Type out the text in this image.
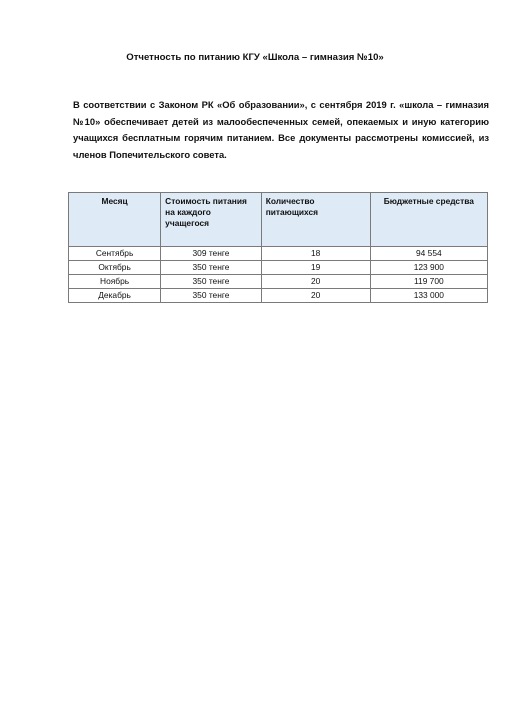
Отчетность по питанию КГУ «Школа – гимназия №10»
В соответствии с Законом РК «Об образовании», с сентября 2019 г. «школа – гимназия №10» обеспечивает детей из малообеспеченных семей, опекаемых и иную категорию учащихся бесплатным горячим питанием. Все документы рассмотрены комиссией, из членов Попечительского совета.
Месяц	Стоимость питания на каждого учащегося	Количество питающихся	Бюджетные средства
Сентябрь	309 тенге	18	94 554
Октябрь	350 тенге	19	123 900
Ноябрь	350 тенге	20	119 700
Декабрь	350 тенге	20	133 000
